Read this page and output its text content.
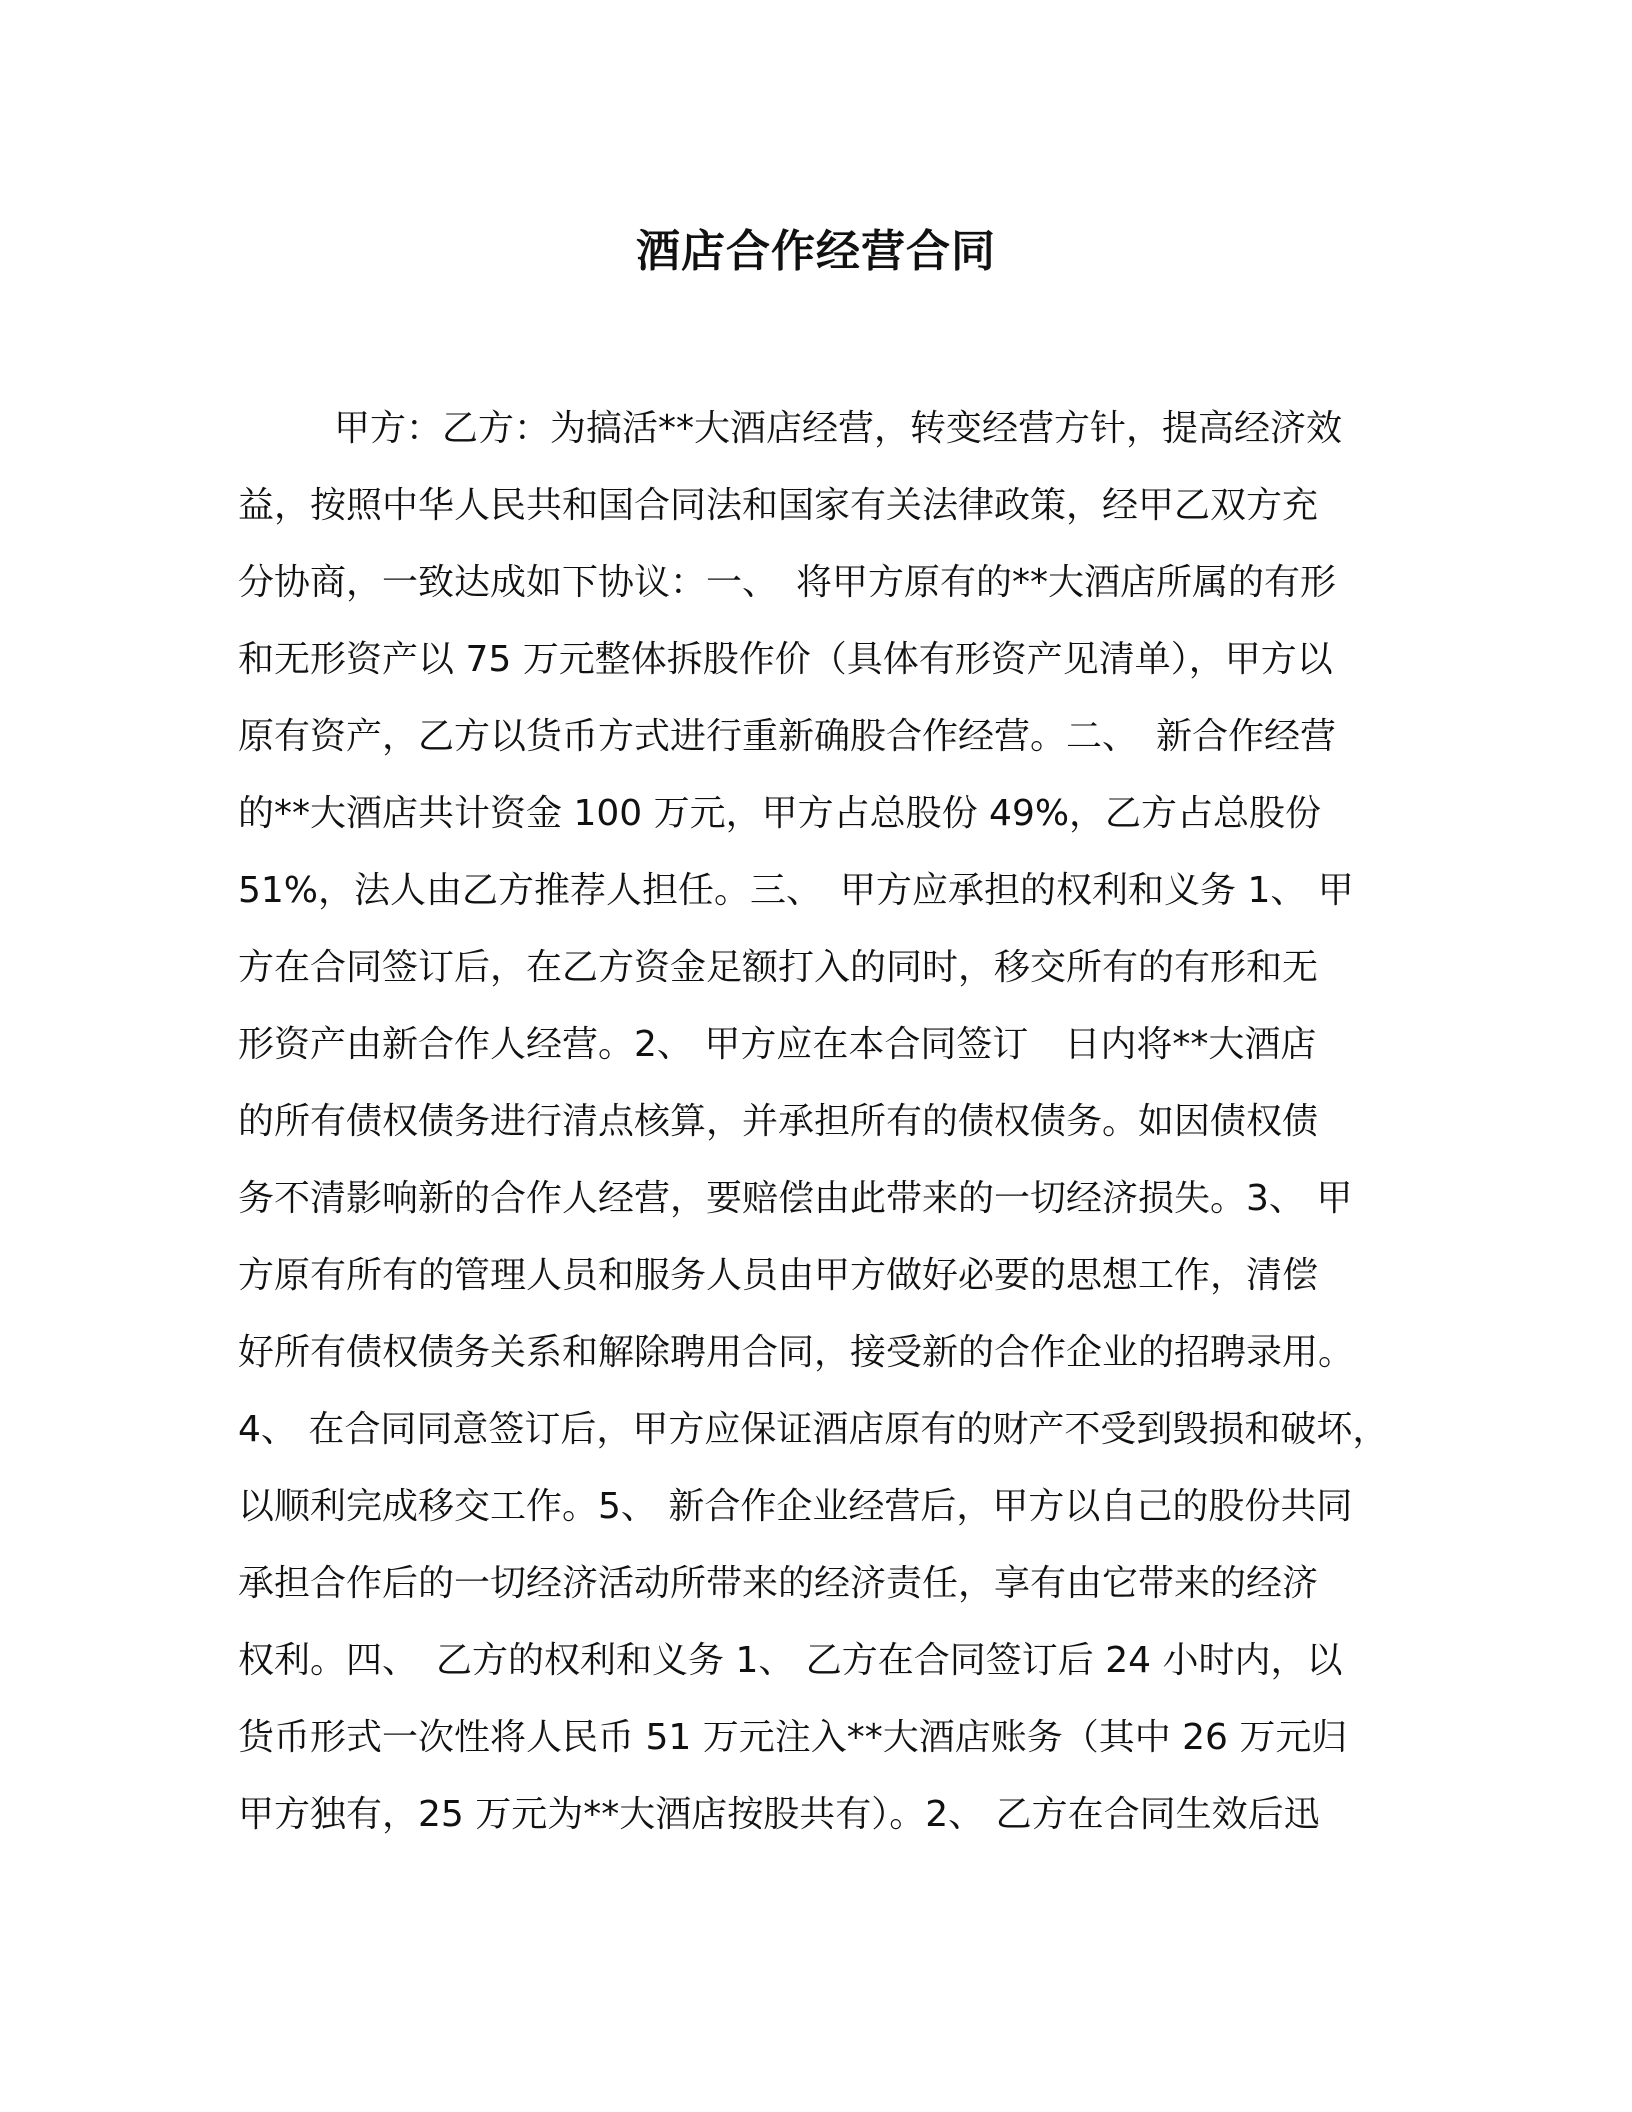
酒店合作经营合同
甲方：乙方：为搞活**大酒店经营，转变经营方针，提高经济效
益，按照中华人民共和国合同法和国家有关法律政策，经甲乙双方充
分协商，一致达成如下协议：一、　将甲方原有的**大酒店所属的有形
和无形资产以 75 万元整体拆股作价（具体有形资产见清单），甲方以
原有资产，乙方以货币方式进行重新确股合作经营。二、　新合作经营
的**大酒店共计资金 100 万元，甲方占总股份 49%，乙方占总股份
51%，法人由乙方推荐人担任。三、　甲方应承担的权利和义务 1、 甲
方在合同签订后，在乙方资金足额打入的同时，移交所有的有形和无
形资产由新合作人经营。2、 甲方应在本合同签订　日内将**大酒店
的所有债权债务进行清点核算，并承担所有的债权债务。如因债权债
务不清影响新的合作人经营，要赔偿由此带来的一切经济损失。3、 甲
方原有所有的管理人员和服务人员由甲方做好必要的思想工作，清偿
好所有债权债务关系和解除聘用合同，接受新的合作企业的招聘录用。
4、 在合同同意签订后，甲方应保证酒店原有的财产不受到毁损和破坏，
以顺利完成移交工作。5、 新合作企业经营后，甲方以自己的股份共同
承担合作后的一切经济活动所带来的经济责任，享有由它带来的经济
权利。四、　乙方的权利和义务 1、 乙方在合同签订后 24 小时内，以
货币形式一次性将人民币 51 万元注入**大酒店账务（其中 26 万元归
甲方独有，25 万元为**大酒店按股共有）。2、 乙方在合同生效后迅
